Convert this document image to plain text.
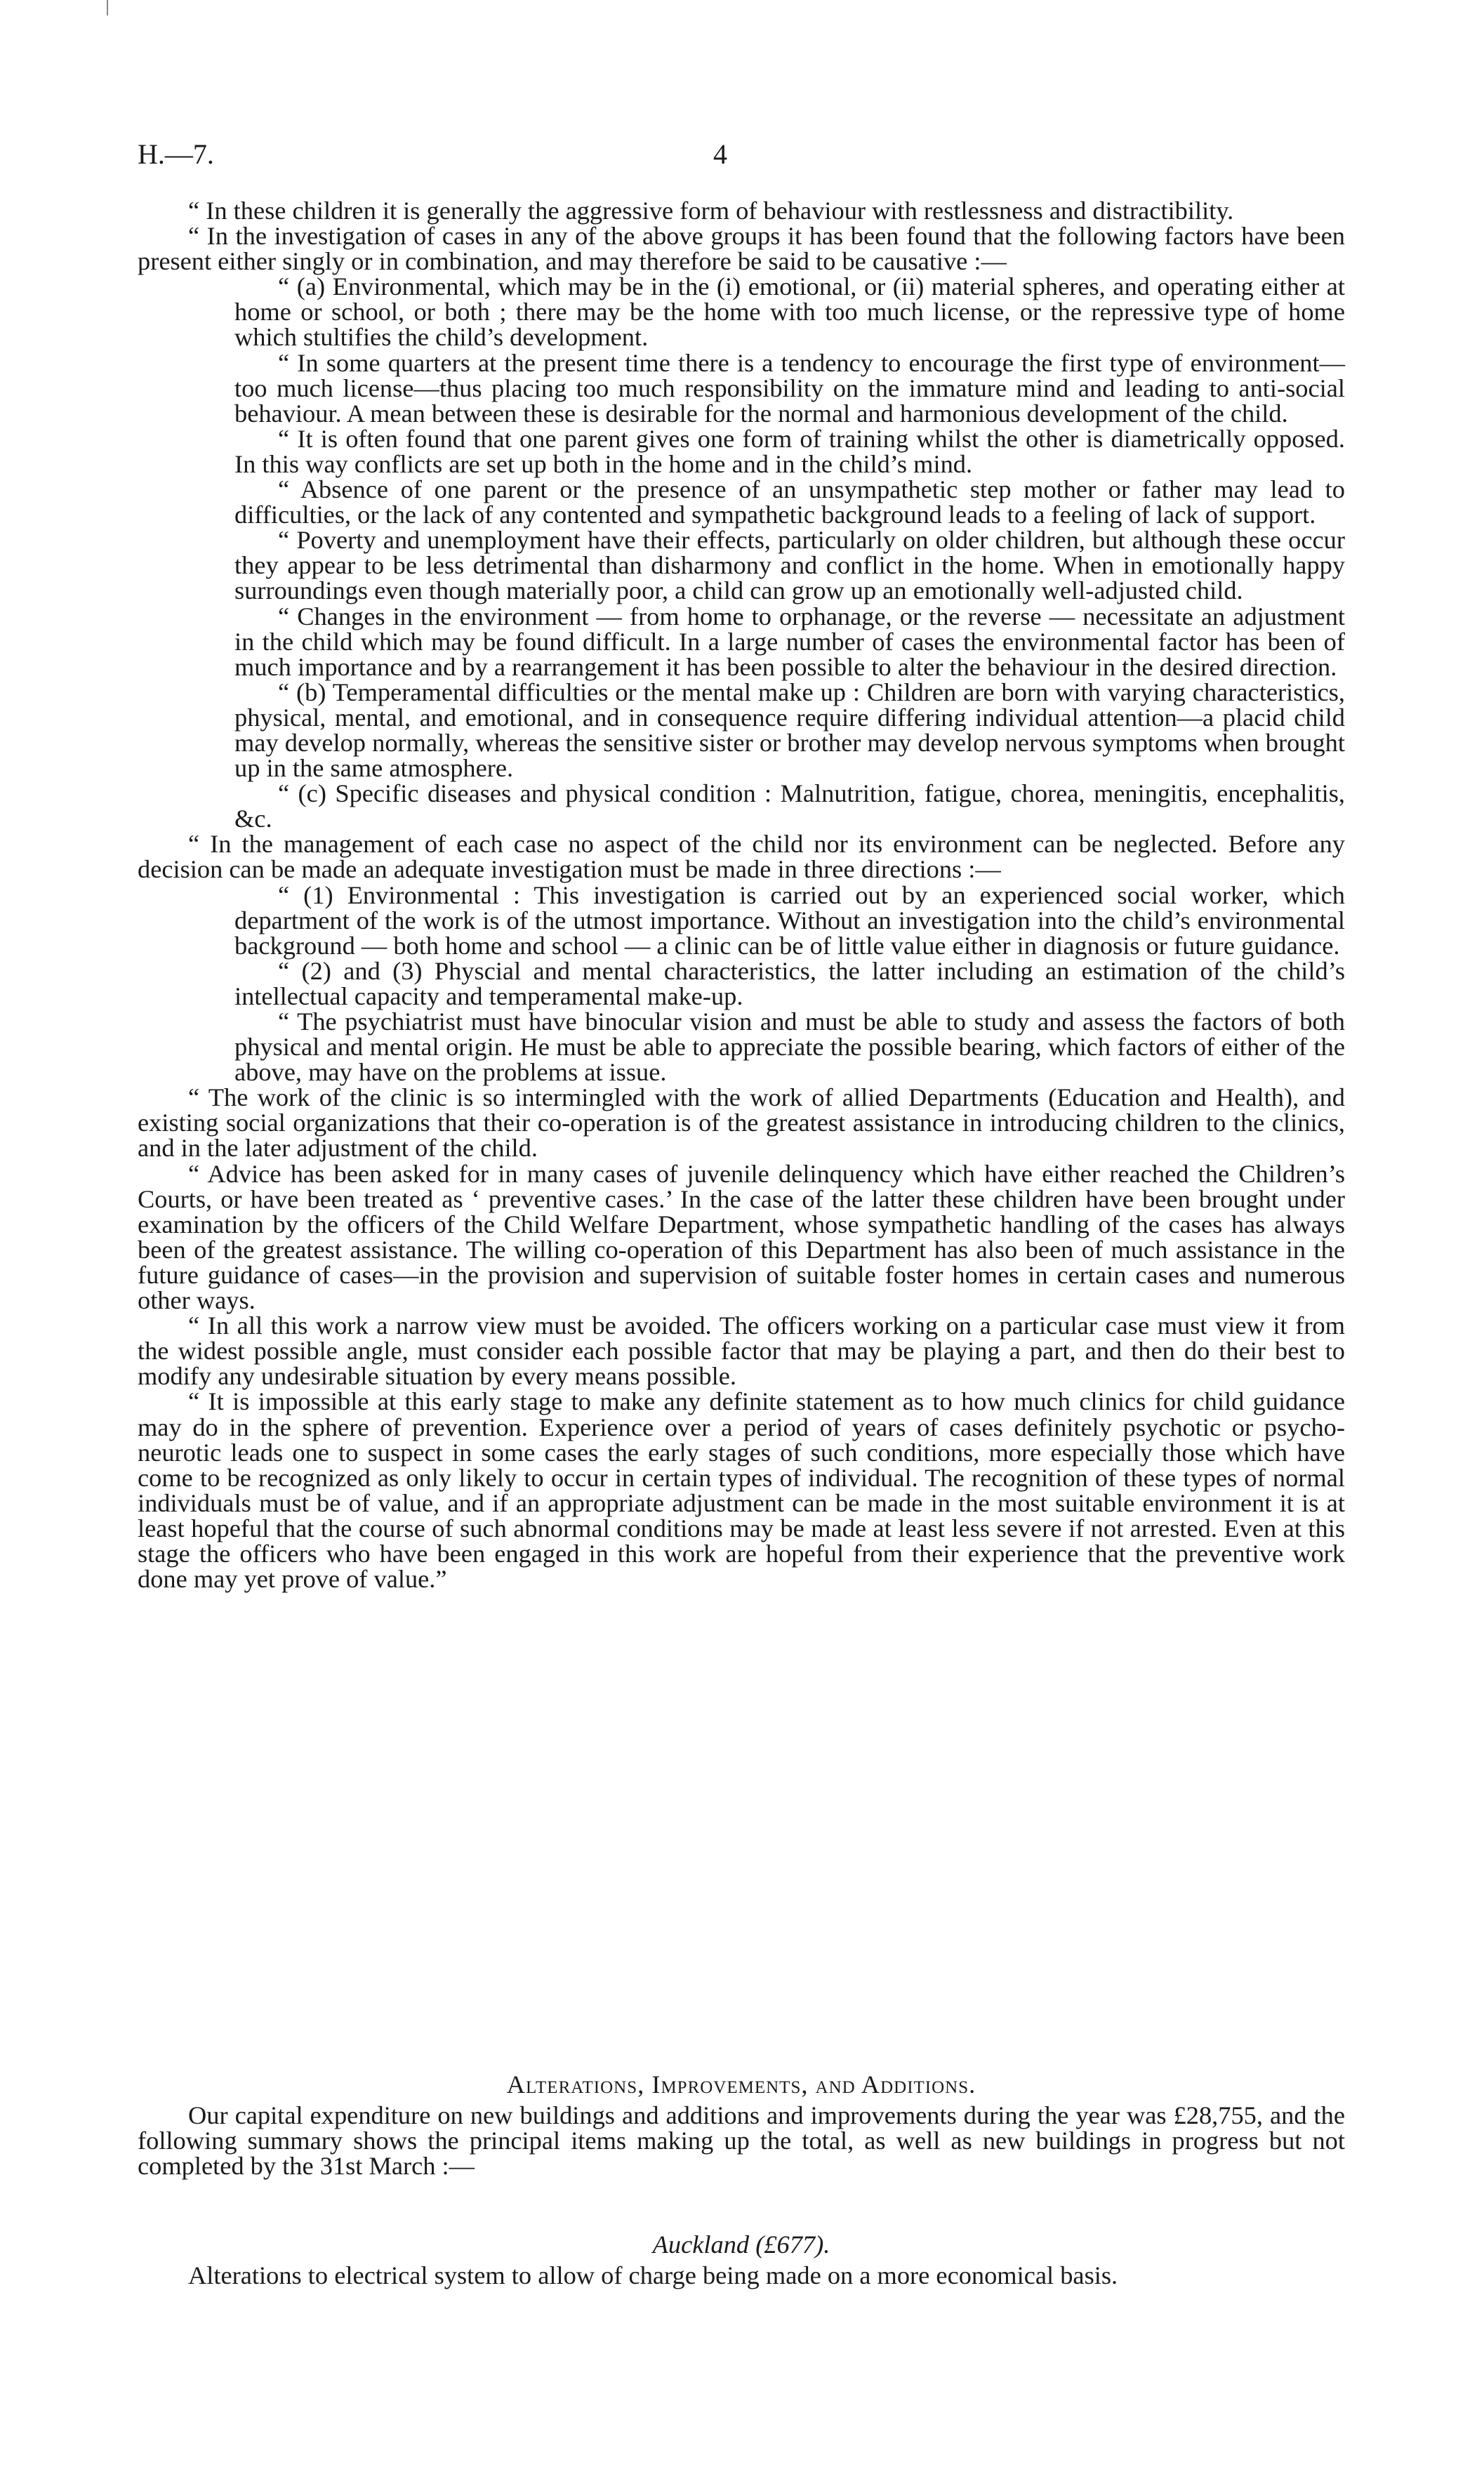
H.—7.	4

“ In these children it is generally the aggressive form of behaviour with restlessness and distractibility.

“ In the investigation of cases in any of the above groups it has been found that the following factors have been present either singly or in combination, and may therefore be said to be causative :—

“ (a) Environmental, which may be in the (i) emotional, or (ii) material spheres, and operating either at home or school, or both ; there may be the home with too much license, or the repressive type of home which stultifies the child’s development.

“ In some quarters at the present time there is a tendency to encourage the first type of environment—too much license—thus placing too much responsibility on the immature mind and leading to anti-social behaviour. A mean between these is desirable for the normal and harmonious development of the child.

“ It is often found that one parent gives one form of training whilst the other is diametrically opposed. In this way conflicts are set up both in the home and in the child’s mind.

“ Absence of one parent or the presence of an unsympathetic step mother or father may lead to difficulties, or the lack of any contented and sympathetic background leads to a feeling of lack of support.

“ Poverty and unemployment have their effects, particularly on older children, but although these occur they appear to be less detrimental than disharmony and conflict in the home. When in emotionally happy surroundings even though materially poor, a child can grow up an emotionally well-adjusted child.

“ Changes in the environment — from home to orphanage, or the reverse — necessitate an adjustment in the child which may be found difficult. In a large number of cases the environmental factor has been of much importance and by a rearrangement it has been possible to alter the behaviour in the desired direction.

“ (b) Temperamental difficulties or the mental make up : Children are born with varying characteristics, physical, mental, and emotional, and in consequence require differing individual attention—a placid child may develop normally, whereas the sensitive sister or brother may develop nervous symptoms when brought up in the same atmosphere.

“ (c) Specific diseases and physical condition : Malnutrition, fatigue, chorea, meningitis, encephalitis, &c.

“ In the management of each case no aspect of the child nor its environment can be neglected. Before any decision can be made an adequate investigation must be made in three directions :—

“ (1) Environmental : This investigation is carried out by an experienced social worker, which department of the work is of the utmost importance. Without an investigation into the child’s environmental background — both home and school — a clinic can be of little value either in diagnosis or future guidance.

“ (2) and (3) Physcial and mental characteristics, the latter including an estimation of the child’s intellectual capacity and temperamental make-up.

“ The psychiatrist must have binocular vision and must be able to study and assess the factors of both physical and mental origin. He must be able to appreciate the possible bearing, which factors of either of the above, may have on the problems at issue.

“ The work of the clinic is so intermingled with the work of allied Departments (Education and Health), and existing social organizations that their co-operation is of the greatest assistance in introducing children to the clinics, and in the later adjustment of the child.

“ Advice has been asked for in many cases of juvenile delinquency which have either reached the Children’s Courts, or have been treated as ‘ preventive cases.’ In the case of the latter these children have been brought under examination by the officers of the Child Welfare Department, whose sympathetic handling of the cases has always been of the greatest assistance. The willing co-operation of this Department has also been of much assistance in the future guidance of cases—in the provision and supervision of suitable foster homes in certain cases and numerous other ways.

“ In all this work a narrow view must be avoided. The officers working on a particular case must view it from the widest possible angle, must consider each possible factor that may be playing a part, and then do their best to modify any undesirable situation by every means possible.

“ It is impossible at this early stage to make any definite statement as to how much clinics for child guidance may do in the sphere of prevention. Experience over a period of years of cases definitely psychotic or psycho-neurotic leads one to suspect in some cases the early stages of such conditions, more especially those which have come to be recognized as only likely to occur in certain types of individual. The recognition of these types of normal individuals must be of value, and if an appropriate adjustment can be made in the most suitable environment it is at least hopeful that the course of such abnormal conditions may be made at least less severe if not arrested. Even at this stage the officers who have been engaged in this work are hopeful from their experience that the preventive work done may yet prove of value.”

Alterations, Improvements, and Additions.

Our capital expenditure on new buildings and additions and improvements during the year was £28,755, and the following summary shows the principal items making up the total, as well as new buildings in progress but not completed by the 31st March :—

Auckland (£677).

Alterations to electrical system to allow of charge being made on a more economical basis.
